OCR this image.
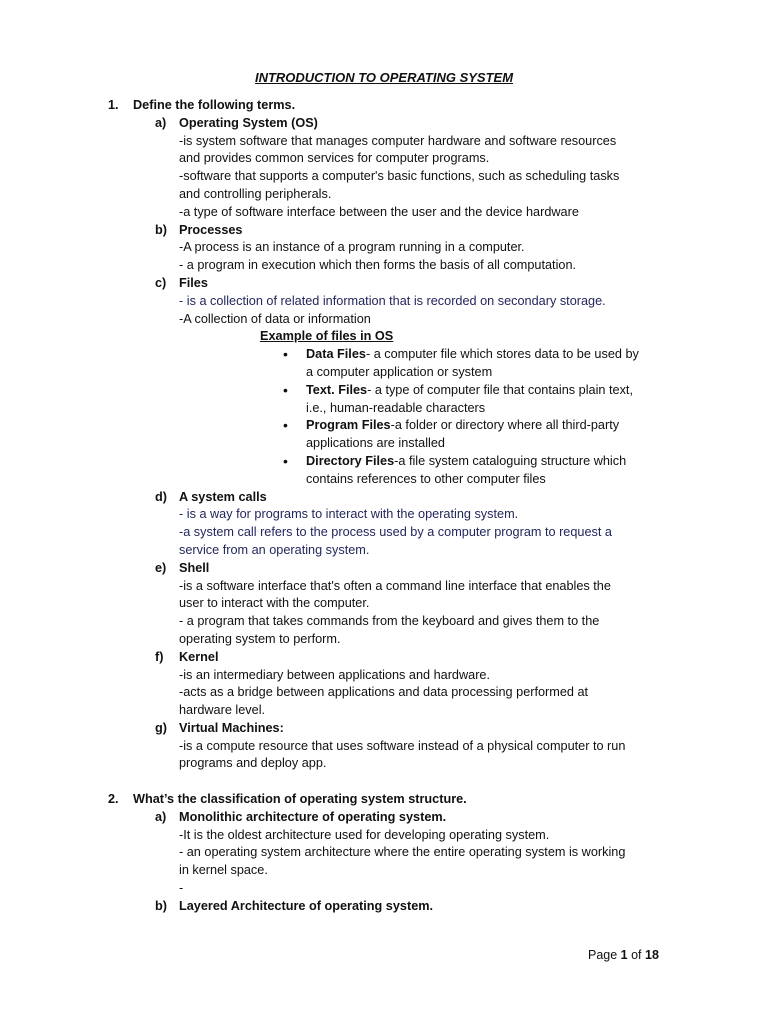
INTRODUCTION TO OPERATING SYSTEM
1. Define the following terms.
a) Operating System (OS)
-is system software that manages computer hardware and software resources
and provides common services for computer programs.
-software that supports a computer's basic functions, such as scheduling tasks
and controlling peripherals.
-a type of software interface between the user and the device hardware
b) Processes
-A process is an instance of a program running in a computer.
- a program in execution which then forms the basis of all computation.
c) Files
- is a collection of related information that is recorded on secondary storage.
-A collection of data or information
Example of files in OS
• Data Files- a computer file which stores data to be used by
a computer application or system
• Text. Files- a type of computer file that contains plain text,
i.e., human-readable characters
• Program Files-a folder or directory where all third-party
applications are installed
• Directory Files-a file system cataloguing structure which
contains references to other computer files
d) A system calls
- is a way for programs to interact with the operating system.
-a system call refers to the process used by a computer program to request a
service from an operating system.
e) Shell
-is a software interface that's often a command line interface that enables the
user to interact with the computer.
- a program that takes commands from the keyboard and gives them to the
operating system to perform.
f) Kernel
-is an intermediary between applications and hardware.
-acts as a bridge between applications and data processing performed at
hardware level.
g) Virtual Machines:
-is a compute resource that uses software instead of a physical computer to run
programs and deploy app.
2. What’s the classification of operating system structure.
a) Monolithic architecture of operating system.
-It is the oldest architecture used for developing operating system.
- an operating system architecture where the entire operating system is working
in kernel space.
-
b) Layered Architecture of operating system.
Page 1 of 18
